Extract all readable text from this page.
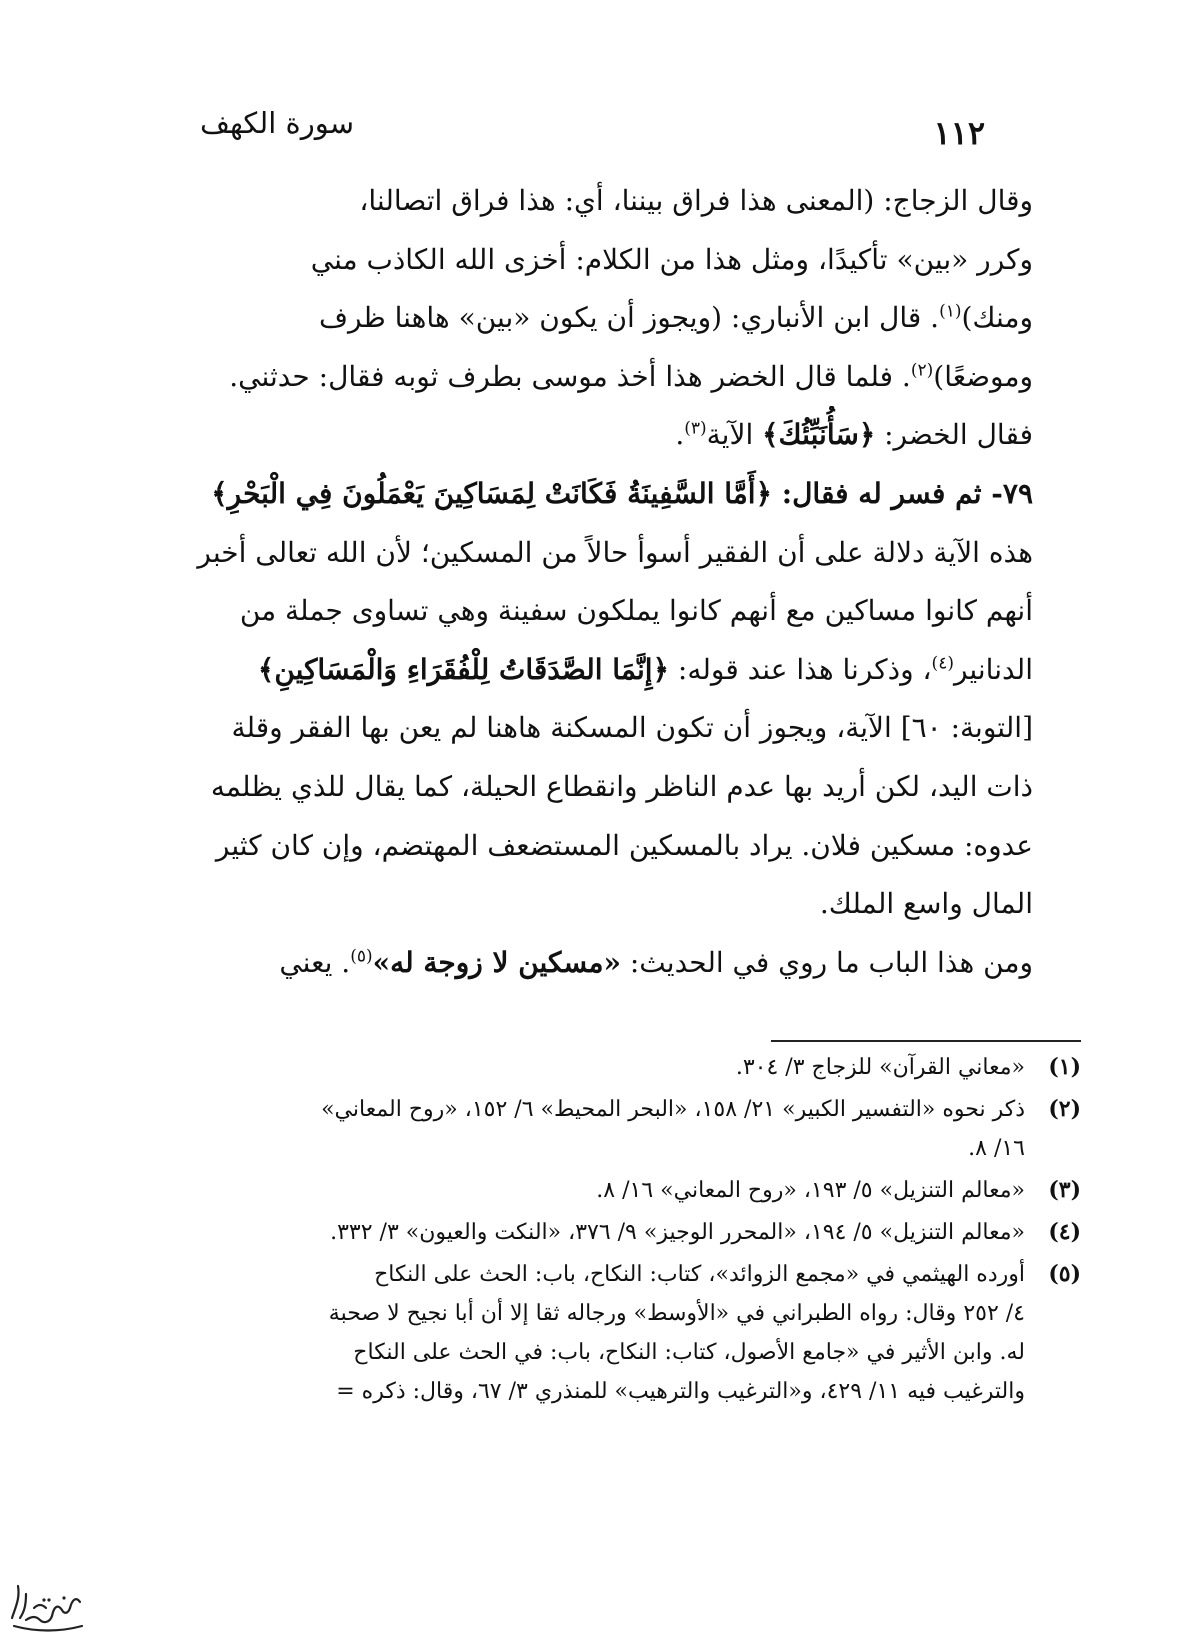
١١٢
سورة الكهف
وقال الزجاج: (المعنى هذا فراق بيننا، أي: هذا فراق اتصالنا،
وكرر «بين» تأكيدًا، ومثل هذا من الكلام: أخزى الله الكاذب مني
ومنك)$^{(١)}$. قال ابن الأنباري: (ويجوز أن يكون «بين» هاهنا ظرف
وموضعًا)$^{(٢)}$. فلما قال الخضر هذا أخذ موسى بطرف ثوبه فقال: حدثني.
فقال الخضر: ﴿سَأُنَبِّئُكَ﴾ الآية$^{(٣)}$.
٧٩- ثم فسر له فقال: ﴿أَمَّا السَّفِينَةُ فَكَانَتْ لِمَسَاكِينَ يَعْمَلُونَ فِي الْبَحْرِ﴾
هذه الآية دلالة على أن الفقير أسوأ حالاً من المسكين؛ لأن الله تعالى أخبر
أنهم كانوا مساكين مع أنهم كانوا يملكون سفينة وهي تساوى جملة من
الدنانير$^{(٤)}$، وذكرنا هذا عند قوله: ﴿إِنَّمَا الصَّدَقَاتُ لِلْفُقَرَاءِ وَالْمَسَاكِينِ﴾
[التوبة: ٦٠] الآية، ويجوز أن تكون المسكنة هاهنا لم يعن بها الفقر وقلة
ذات اليد، لكن أريد بها عدم الناظر وانقطاع الحيلة، كما يقال للذي يظلمه
عدوه: مسكين فلان. يراد بالمسكين المستضعف المهتضم، وإن كان كثير
المال واسع الملك.
ومن هذا الباب ما روي في الحديث: «مسكين لا زوجة له»$^{(٥)}$. يعني
(١)
«معاني القرآن» للزجاج ٣/ ٣٠٤.
(٢)
ذكر نحوه «التفسير الكبير» ٢١/ ١٥٨، «البحر المحيط» ٦/ ١٥٢، «روح المعاني»
١٦/ ٨.
(٣)
«معالم التنزيل» ٥/ ١٩٣، «روح المعاني» ١٦/ ٨.
(٤)
«معالم التنزيل» ٥/ ١٩٤، «المحرر الوجيز» ٩/ ٣٧٦، «النكت والعيون» ٣/ ٣٣٢.
(٥)
أورده الهيثمي في «مجمع الزوائد»، كتاب: النكاح، باب: الحث على النكاح
٤/ ٢٥٢ وقال: رواه الطبراني في «الأوسط» ورجاله ثقا إلا أن أبا نجيح لا صحبة
له. وابن الأثير في «جامع الأصول، كتاب: النكاح، باب: في الحث على النكاح
والترغيب فيه ١١/ ٤٢٩، و«الترغيب والترهيب» للمنذري ٣/ ٦٧، وقال: ذكره =
